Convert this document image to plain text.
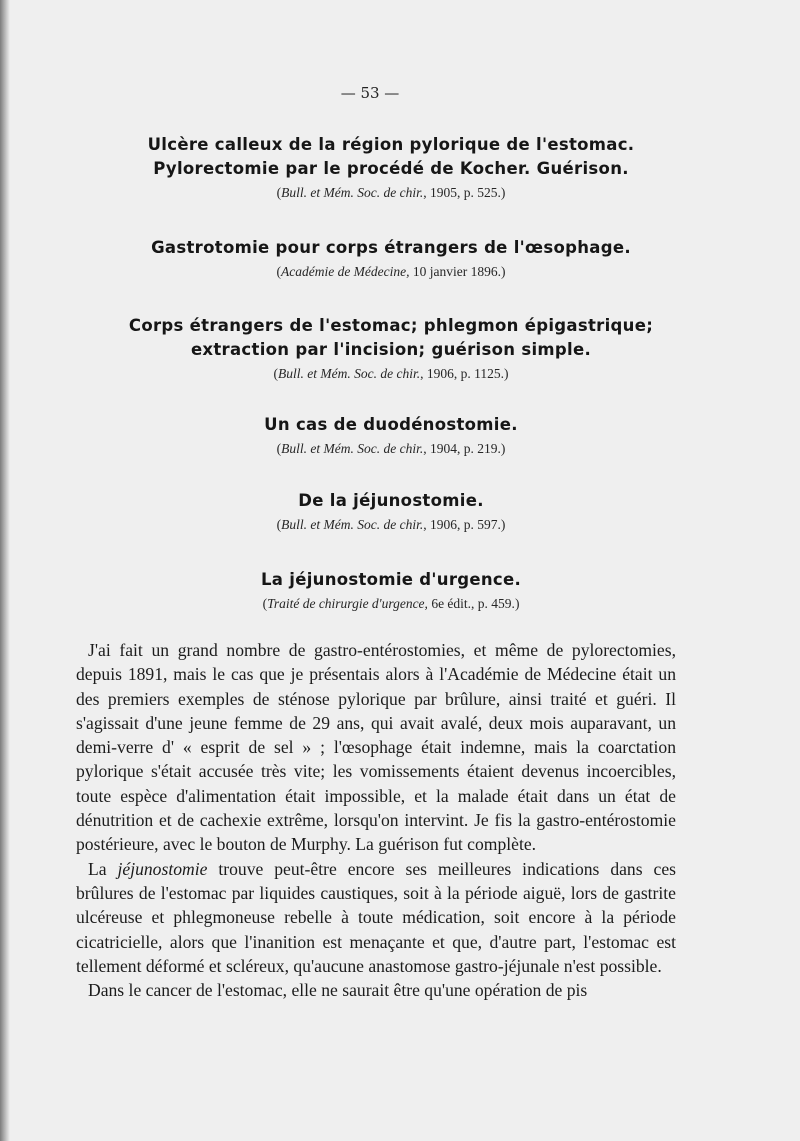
— 53 —
Ulcère calleux de la région pylorique de l'estomac.
Pylorectomie par le procédé de Kocher. Guérison.
(Bull. et Mém. Soc. de chir., 1905, p. 525.)
Gastrotomie pour corps étrangers de l'œsophage.
(Académie de Médecine, 10 janvier 1896.)
Corps étrangers de l'estomac; phlegmon épigastrique;
extraction par l'incision; guérison simple.
(Bull. et Mém. Soc. de chir., 1906, p. 1125.)
Un cas de duodénostomie.
(Bull. et Mém. Soc. de chir., 1904, p. 219.)
De la jéjunostomie.
(Bull. et Mém. Soc. de chir., 1906, p. 597.)
La jéjunostomie d'urgence.
(Traité de chirurgie d'urgence, 6e édit., p. 459.)

J'ai fait un grand nombre de gastro-entérostomies, et même de pylorectomies, depuis 1891, mais le cas que je présentais alors à l'Académie de Médecine était un des premiers exemples de sténose pylorique par brûlure, ainsi traité et guéri. Il s'agissait d'une jeune femme de 29 ans, qui avait avalé, deux mois auparavant, un demi-verre d' « esprit de sel » ; l'œsophage était indemne, mais la coarctation pylorique s'était accusée très vite; les vomissements étaient devenus incoercibles, toute espèce d'alimentation était impossible, et la malade était dans un état de dénutrition et de cachexie extrême, lorsqu'on intervint. Je fis la gastro-entérostomie postérieure, avec le bouton de Murphy. La guérison fut complète.

La jéjunostomie trouve peut-être encore ses meilleures indications dans ces brûlures de l'estomac par liquides caustiques, soit à la période aiguë, lors de gastrite ulcéreuse et phlegmoneuse rebelle à toute médication, soit encore à la période cicatricielle, alors que l'inanition est menaçante et que, d'autre part, l'estomac est tellement déformé et scléreux, qu'aucune anastomose gastro-jéjunale n'est possible.

Dans le cancer de l'estomac, elle ne saurait être qu'une opération de pis
